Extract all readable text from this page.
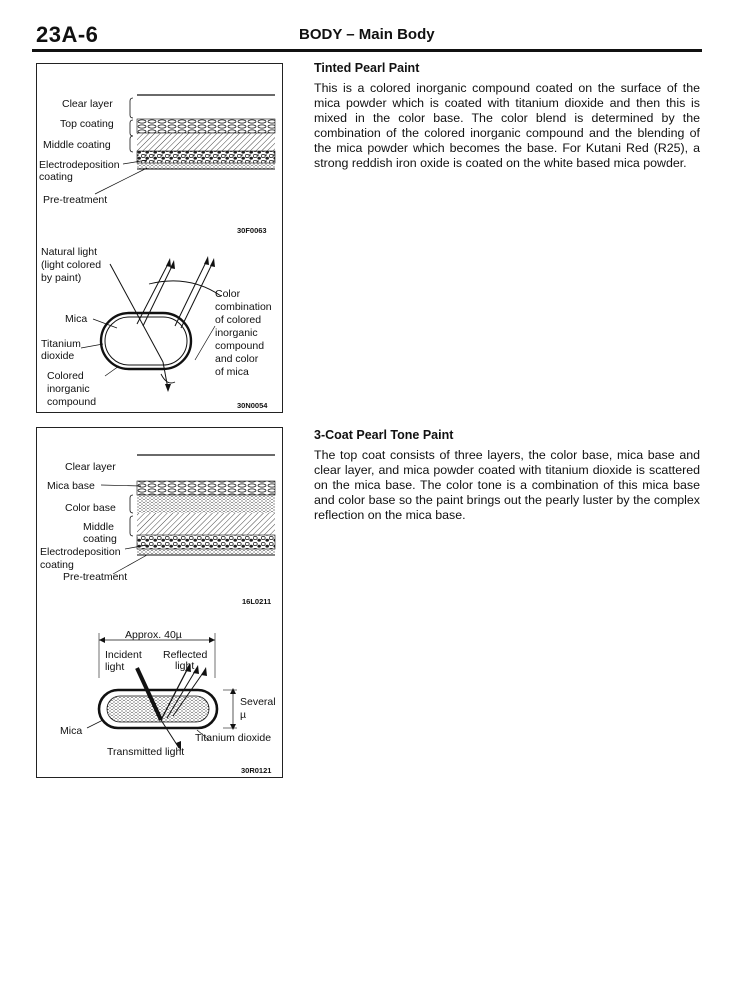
23A-6	BODY – Main Body
Clear layer
Top coating
Middle coating
Electrodeposition
coating
Pre-treatment
30F0063
Natural light
(light colored
by paint)
Mica
Titanium
dioxide
Colored
inorganic
compound
Color
combination
of colored
inorganic
compound
and color
of mica
30N0054
Clear layer
Mica base
Color base
Middle
coating
Electrodeposition
coating
Pre-treatment
16L0211
Approx. 40µ
Incident
light
Reflected
light
Several
µ
Mica
Titanium dioxide
Transmitted light
30R0121
Tinted Pearl Paint

This is a colored inorganic compound coated on the surface of the mica powder which is coated with titanium dioxide and then this is mixed in the color base. The color blend is determined by the combination of the colored inorganic compound and the blending of the mica powder which becomes the base. For Kutani Red (R25), a strong reddish iron oxide is coated on the white based mica powder.

3-Coat Pearl Tone Paint

The top coat consists of three layers, the color base, mica base and clear layer, and mica powder coated with titanium dioxide is scattered on the mica base. The color tone is a combination of this mica base and color base so the paint brings out the pearly luster by the complex reflection on the mica base.
